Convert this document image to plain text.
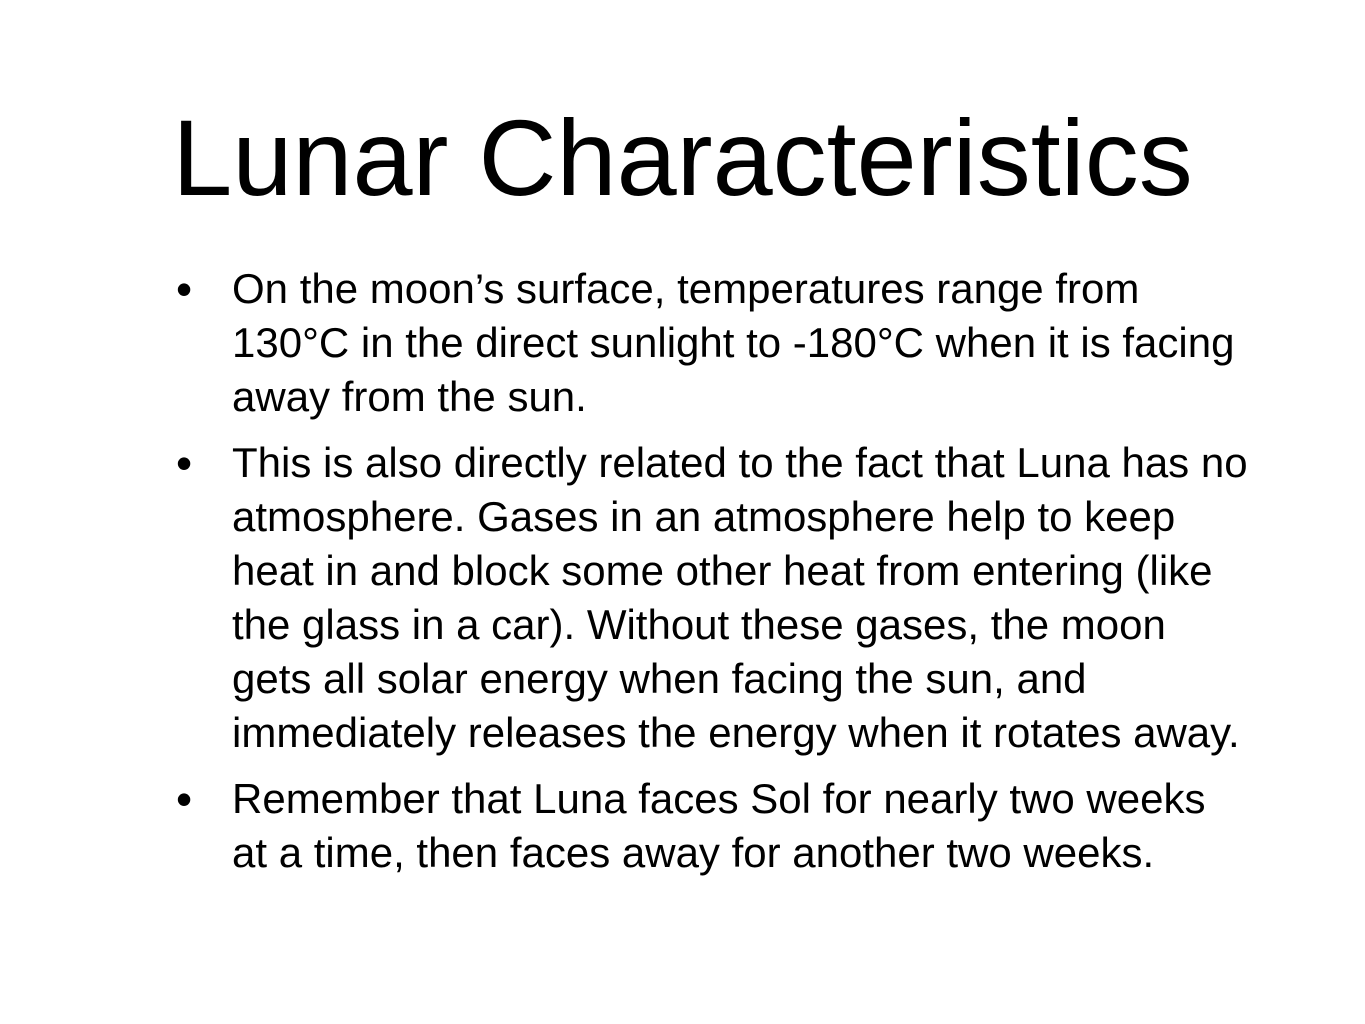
Lunar Characteristics
• On the moon’s surface, temperatures range from 130°C in the direct sunlight to -180°C when it is facing away from the sun.
• This is also directly related to the fact that Luna has no atmosphere. Gases in an atmosphere help to keep heat in and block some other heat from entering (like the glass in a car). Without these gases, the moon gets all solar energy when facing the sun, and immediately releases the energy when it rotates away.
• Remember that Luna faces Sol for nearly two weeks at a time, then faces away for another two weeks.
